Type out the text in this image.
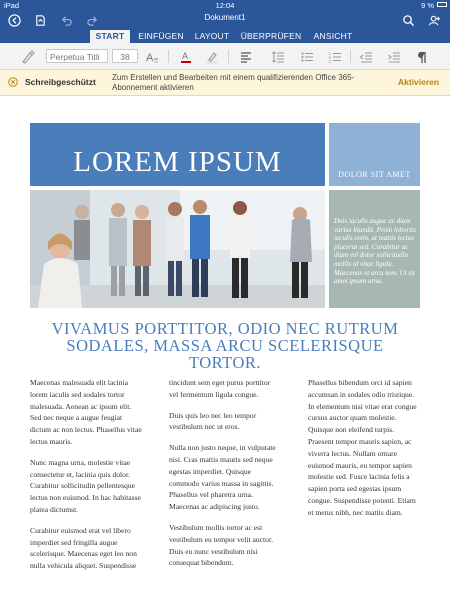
iPad	12:04	9 %
Dokument1
START	EINFÜGEN	LAYOUT	ÜBERPRÜFEN	ANSICHT
Perpetua Titli	38	A	A	1
2
3
Schreibgeschützt Zum Erstellen und Bearbeiten mit einem qualifizierenden Office 365-Abonnement aktivieren
Aktivieren
LOREM IPSUM	DOLOR SIT AMET
Duis iaculis augue ac diam varius blandit. Proin lobortis iaculis enim, ut mattis lectus placerat sed. Curabitur ac diam vel dolor sollicitudin mollis id vitae ligula. Maecenas et arcu sem. Ut sit amet ipsum urna.
VIVAMUS PORTTITOR, ODIO NEC RUTRUM SODALES, MASSA ARCU SCELERISQUE TORTOR.

Maecenas malesuada elit lacinia lorem iaculis sed sodales tortor malesuada. Aenean ac ipsum elit. Sed nec neque a augue feugiat dictum ac non lectus. Phasellus vitae lectus mauris.

Nunc magna urna, molestie vitae consectetur et, lacinia quis dolor. Curabitur sollicitudin pellentesque lectus non euismod. In hac habitasse platea dictumst.

Curabitur euismod erat vel libero imperdiet sed fringilla augue scelerisque. Maecenas eget leo non nulla vehicula aliquet. Suspendisse

tincidunt sem eget purus porttitor vel fermentum ligula congue.

Duis quis leo nec leo tempor vestibulum nec ut eros.

Nulla non justo neque, in vulputate nisi. Cras mattis mauris sed neque egestas imperdiet. Quisque commodo varius massa in sagittis. Phasellus vel pharetra urna. Maecenas ac adipiscing justo.

Vestibulum mollis tortor ac est vestibulum eu tempor velit auctor. Duis eu nunc vestibulum nisi consequat bibendum.

Phasellus bibendum orci id sapien accumsan in sodales odio tristique. In elementum nisi vitae erat congue cursus auctor quam molestie. Quisque non eleifend turpis. Praesent tempor mauris sapien, ac viverra lectus. Nullam ornare euismod mauris, eu tempor sapien molestie sed. Fusce lacinia felis a sapien porta sed egestas ipsum congue. Suspendisse potenti. Etiam et metus nibh, nec mattis diam.
